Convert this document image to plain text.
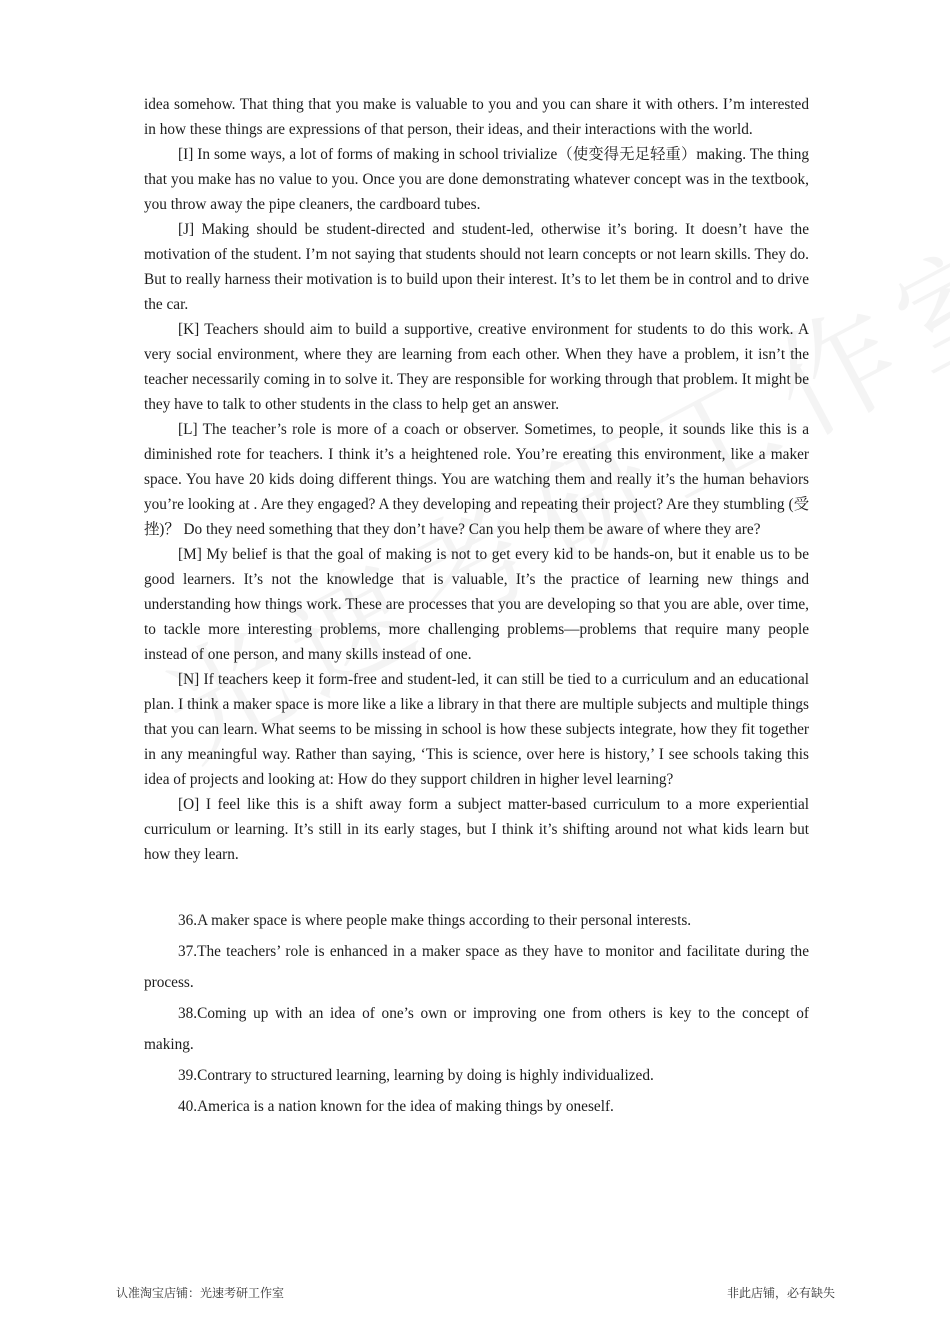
idea somehow. That thing that you make is valuable to you and you can share it with others. I’m interested in how these things are expressions of that person, their ideas, and their interactions with the world.

[I] In some ways, a lot of forms of making in school trivialize（使变得无足轻重）making. The thing that you make has no value to you. Once you are done demonstrating whatever concept was in the textbook, you throw away the pipe cleaners, the cardboard tubes.

[J] Making should be student-directed and student-led, otherwise it’s boring. It doesn’t have the motivation of the student. I’m not saying that students should not learn concepts or not learn skills. They do. But to really harness their motivation is to build upon their interest. It’s to let them be in control and to drive the car.

[K] Teachers should aim to build a supportive, creative environment for students to do this work. A very social environment, where they are learning from each other. When they have a problem, it isn’t the teacher necessarily coming in to solve it. They are responsible for working through that problem. It might be they have to talk to other students in the class to help get an answer.

[L] The teacher’s role is more of a coach or observer. Sometimes, to people, it sounds like this is a diminished rote for teachers. I think it’s a heightened role. You’re ereating this environment, like a maker space. You have 20 kids doing different things. You are watching them and really it’s the human behaviors you’re looking at . Are they engaged? A they developing and repeating their project? Are they stumbling (受挫)？ Do they need something that they don’t have? Can you help them be aware of where they are?

[M] My belief is that the goal of making is not to get every kid to be hands-on, but it enable us to be good learners. It’s not the knowledge that is valuable, It’s the practice of learning new things and understanding how things work. These are processes that you are developing so that you are able, over time, to tackle more interesting problems, more challenging problems—problems that require many people instead of one person, and many skills instead of one.

[N] If teachers keep it form-free and student-led, it can still be tied to a curriculum and an educational plan. I think a maker space is more like a like a library in that there are multiple subjects and multiple things that you can learn. What seems to be missing in school is how these subjects integrate, how they fit together in any meaningful way. Rather than saying, ‘This is science, over here is history,’ I see schools taking this idea of projects and looking at: How do they support children in higher level learning?

[O] I feel like this is a shift away form a subject matter-based curriculum to a more experiential curriculum or learning. It’s still in its early stages, but I think it’s shifting around not what kids learn but how they learn.

36.A maker space is where people make things according to their personal interests.

37.The teachers’ role is enhanced in a maker space as they have to monitor and facilitate during the process.

38.Coming up with an idea of one’s own or improving one from others is key to the concept of making.

39.Contrary to structured learning, learning by doing is highly individualized.

40.America is a nation known for the idea of making things by oneself.

认准淘宝店铺：光速考研工作室	非此店铺，必有缺失
